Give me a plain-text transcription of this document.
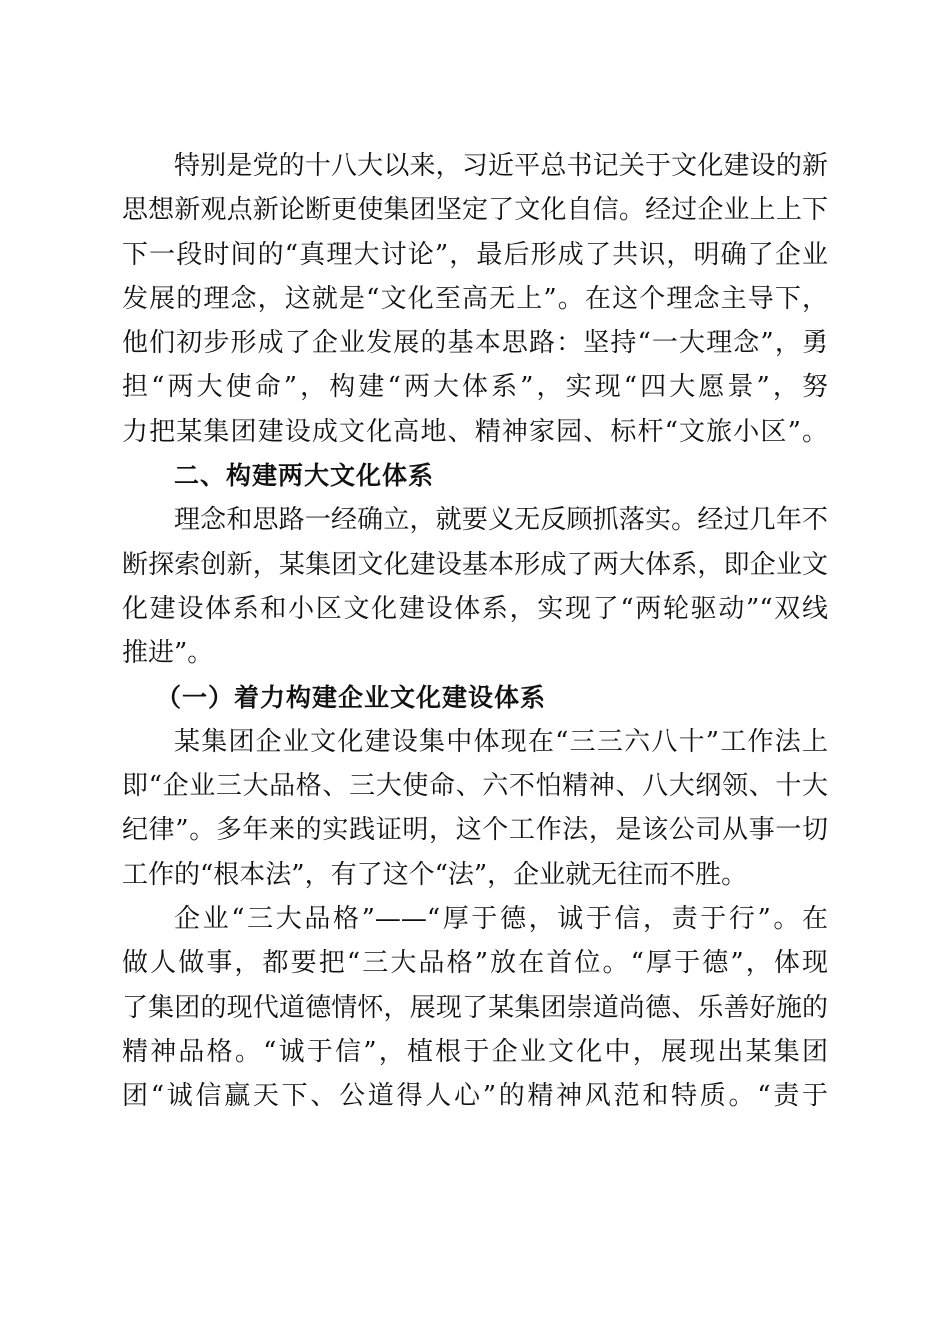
特别是党的十八大以来，习近平总书记关于文化建设的新
思想新观点新论断更使集团坚定了文化自信。经过企业上上下
下一段时间的“真理大讨论”，最后形成了共识，明确了企业
发展的理念，这就是“文化至高无上”。在这个理念主导下，
他们初步形成了企业发展的基本思路：坚持“一大理念”，勇
担“两大使命”，构建“两大体系”，实现“四大愿景”，努
力把某集团建设成文化高地、精神家园、标杆“文旅小区”。
二、构建两大文化体系
理念和思路一经确立，就要义无反顾抓落实。经过几年不
断探索创新，某集团文化建设基本形成了两大体系，即企业文
化建设体系和小区文化建设体系，实现了“两轮驱动”“双线
推进”。
（一）着力构建企业文化建设体系
某集团企业文化建设集中体现在“三三六八十”工作法上
即“企业三大品格、三大使命、六不怕精神、八大纲领、十大
纪律”。多年来的实践证明，这个工作法，是该公司从事一切
工作的“根本法”，有了这个“法”，企业就无往而不胜。
企业“三大品格”——“厚于德，诚于信，责于行”。在
做人做事，都要把“三大品格”放在首位。“厚于德”，体现
了集团的现代道德情怀，展现了某集团崇道尚德、乐善好施的
精神品格。“诚于信”，植根于企业文化中，展现出某集团
团“诚信赢天下、公道得人心”的精神风范和特质。“责于
